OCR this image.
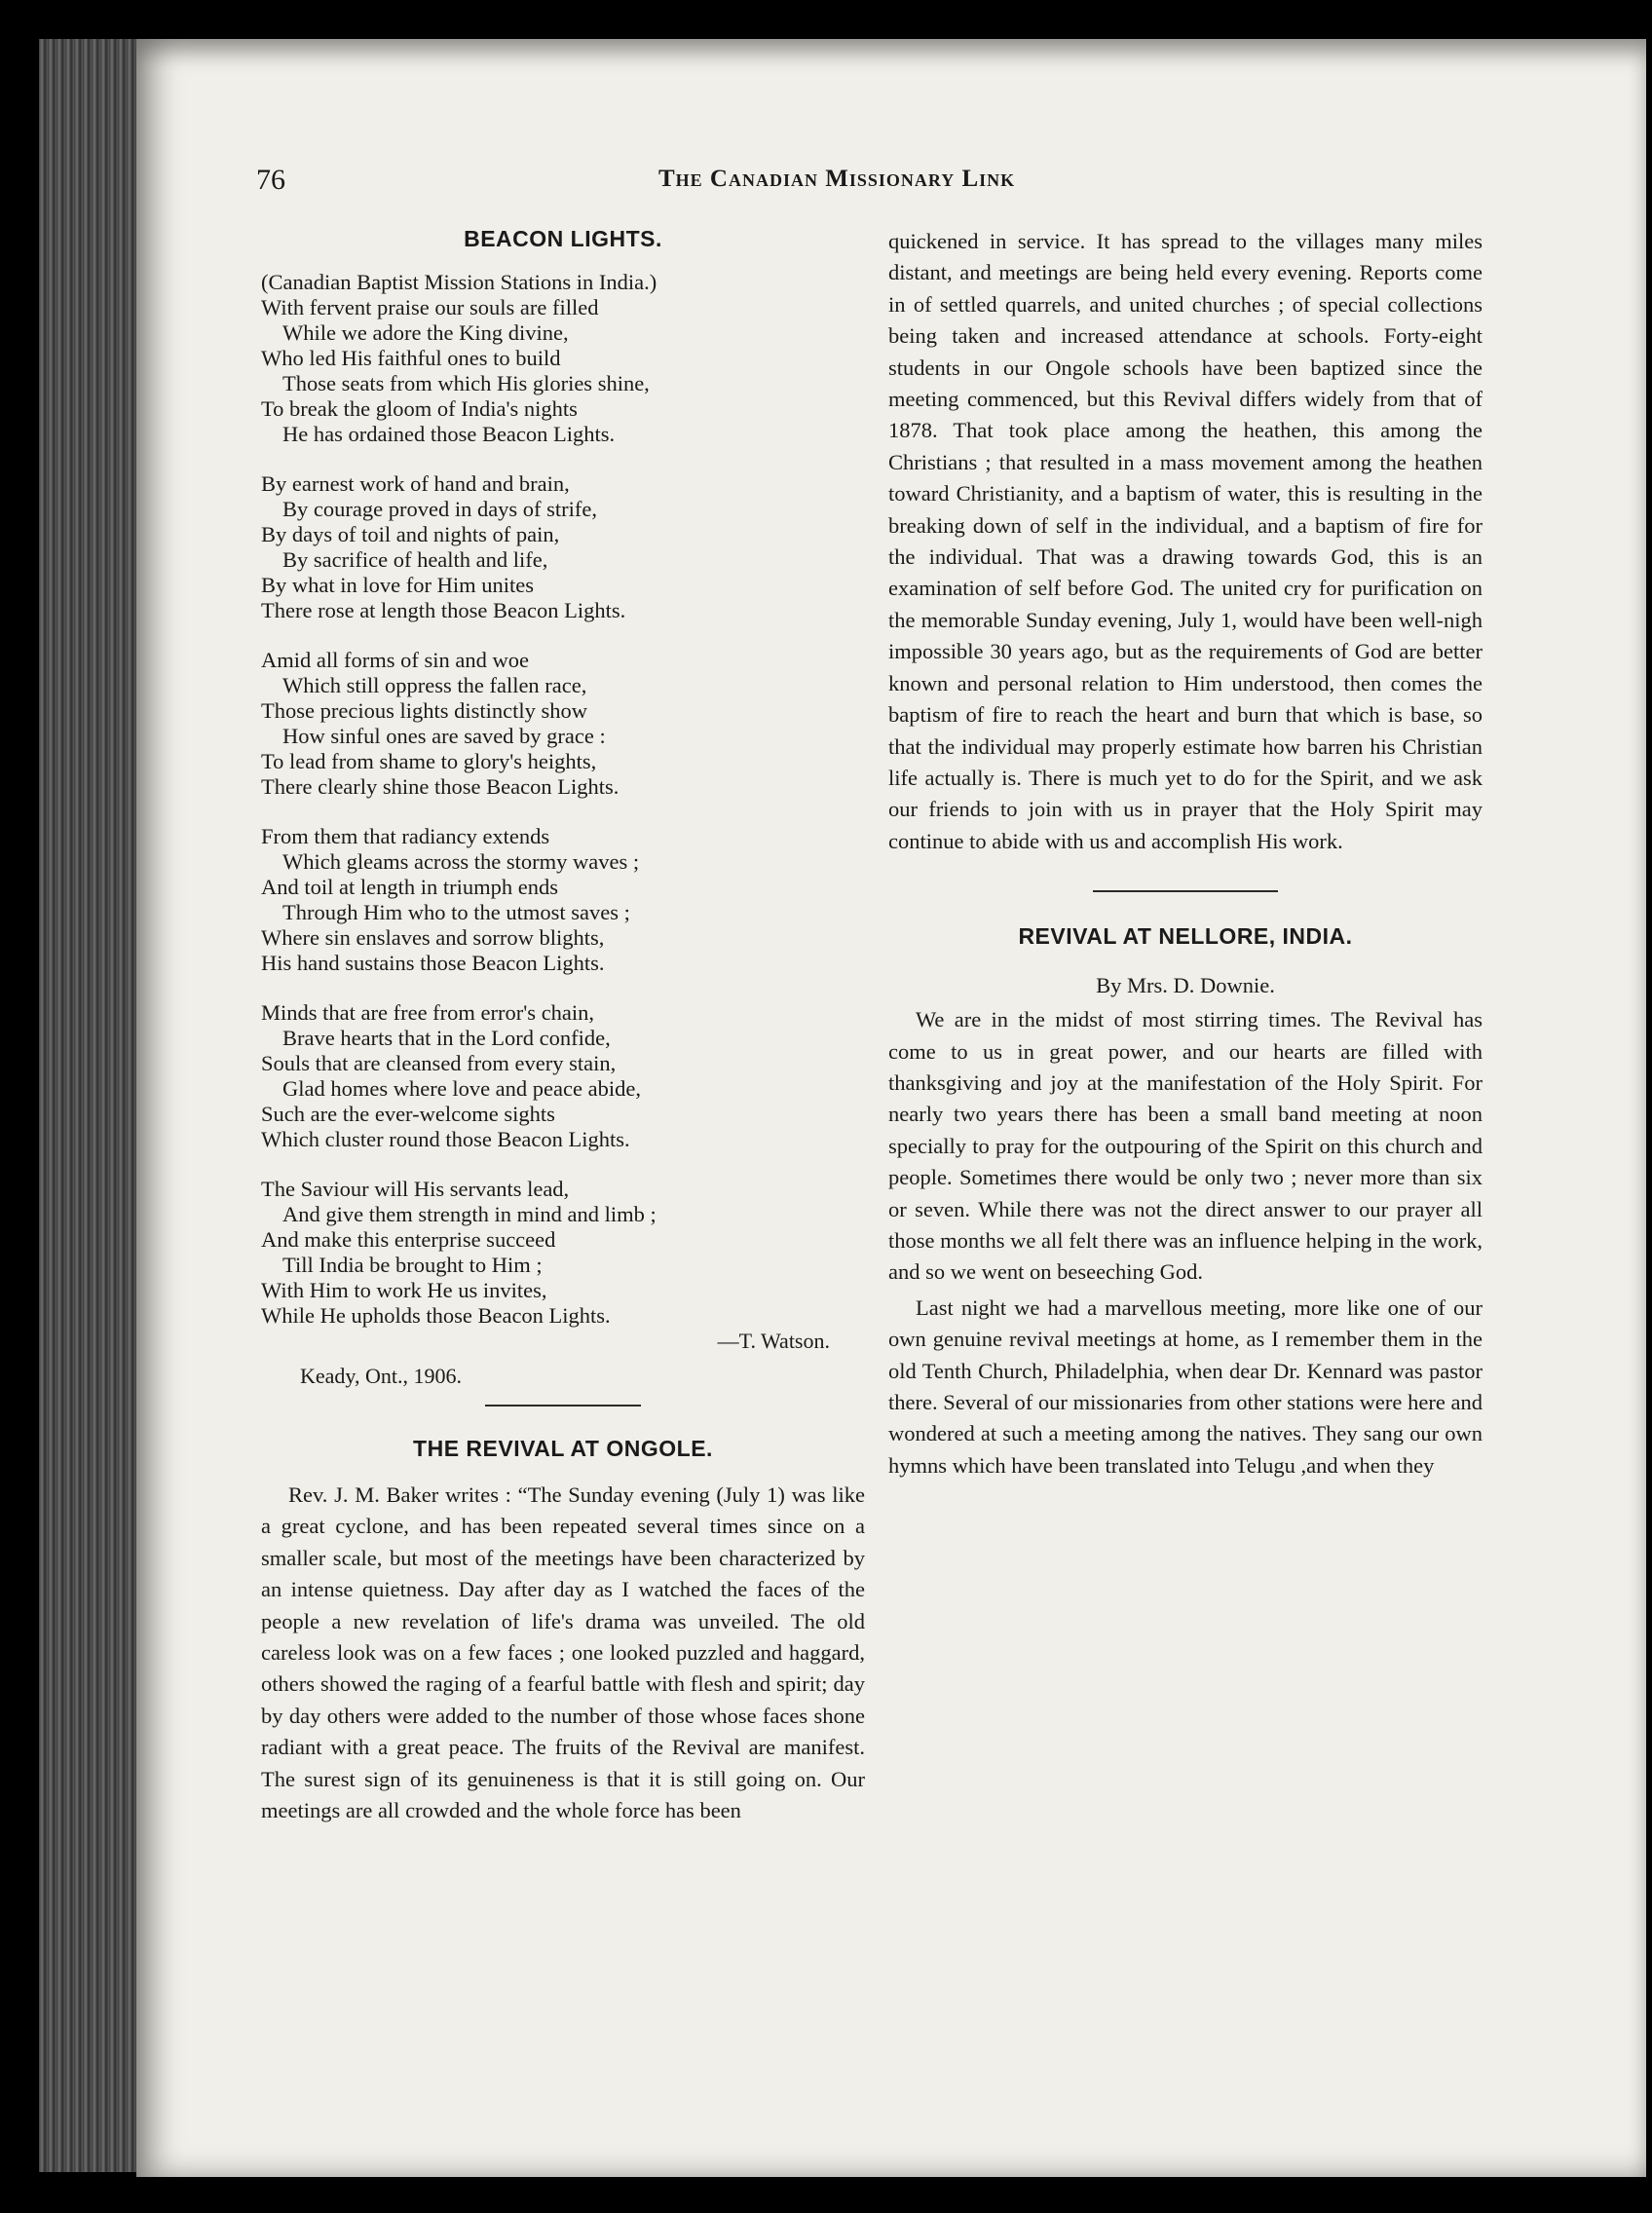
76	The Canadian Missionary Link
BEACON LIGHTS.
(Canadian Baptist Mission Stations in India.)
With fervent praise our souls are filled
While we adore the King divine,
Who led His faithful ones to build
Those seats from which His glories shine,
To break the gloom of India's nights
He has ordained those Beacon Lights.
By earnest work of hand and brain,
By courage proved in days of strife,
By days of toil and nights of pain,
By sacrifice of health and life,
By what in love for Him unites
There rose at length those Beacon Lights.
Amid all forms of sin and woe
Which still oppress the fallen race,
Those precious lights distinctly show
How sinful ones are saved by grace :
To lead from shame to glory's heights,
There clearly shine those Beacon Lights.
From them that radiancy extends
Which gleams across the stormy waves ;
And toil at length in triumph ends
Through Him who to the utmost saves ;
Where sin enslaves and sorrow blights,
His hand sustains those Beacon Lights.
Minds that are free from error's chain,
Brave hearts that in the Lord confide,
Souls that are cleansed from every stain,
Glad homes where love and peace abide,
Such are the ever-welcome sights
Which cluster round those Beacon Lights.
The Saviour will His servants lead,
And give them strength in mind and limb ;
And make this enterprise succeed
Till India be brought to Him ;
With Him to work He us invites,
While He upholds those Beacon Lights.
—T. Watson.
Keady, Ont., 1906.
THE REVIVAL AT ONGOLE.

Rev. J. M. Baker writes : “The Sunday evening (July 1) was like a great cyclone, and has been repeated several times since on a smaller scale, but most of the meetings have been characterized by an intense quietness. Day after day as I watched the faces of the people a new revelation of life's drama was unveiled. The old careless look was on a few faces ; one looked puzzled and haggard, others showed the raging of a fearful battle with flesh and spirit; day by day others were added to the number of those whose faces shone radiant with a great peace. The fruits of the Revival are manifest. The surest sign of its genuineness is that it is still going on. Our meetings are all crowded and the whole force has been

quickened in service. It has spread to the villages many miles distant, and meetings are being held every evening. Reports come in of settled quarrels, and united churches ; of special collections being taken and increased attendance at schools. Forty-eight students in our Ongole schools have been baptized since the meeting commenced, but this Revival differs widely from that of 1878. That took place among the heathen, this among the Christians ; that resulted in a mass movement among the heathen toward Christianity, and a baptism of water, this is resulting in the breaking down of self in the individual, and a baptism of fire for the individual. That was a drawing towards God, this is an examination of self before God. The united cry for purification on the memorable Sunday evening, July 1, would have been well-nigh impossible 30 years ago, but as the requirements of God are better known and personal relation to Him understood, then comes the baptism of fire to reach the heart and burn that which is base, so that the individual may properly estimate how barren his Christian life actually is. There is much yet to do for the Spirit, and we ask our friends to join with us in prayer that the Holy Spirit may continue to abide with us and accomplish His work.

REVIVAL AT NELLORE, INDIA.
By Mrs. D. Downie.

We are in the midst of most stirring times. The Revival has come to us in great power, and our hearts are filled with thanksgiving and joy at the manifestation of the Holy Spirit. For nearly two years there has been a small band meeting at noon specially to pray for the outpouring of the Spirit on this church and people. Sometimes there would be only two ; never more than six or seven. While there was not the direct answer to our prayer all those months we all felt there was an influence helping in the work, and so we went on beseeching God.

Last night we had a marvellous meeting, more like one of our own genuine revival meetings at home, as I remember them in the old Tenth Church, Philadelphia, when dear Dr. Kennard was pastor there. Several of our missionaries from other stations were here and wondered at such a meeting among the natives. They sang our own hymns which have been translated into Telugu ,and when they
